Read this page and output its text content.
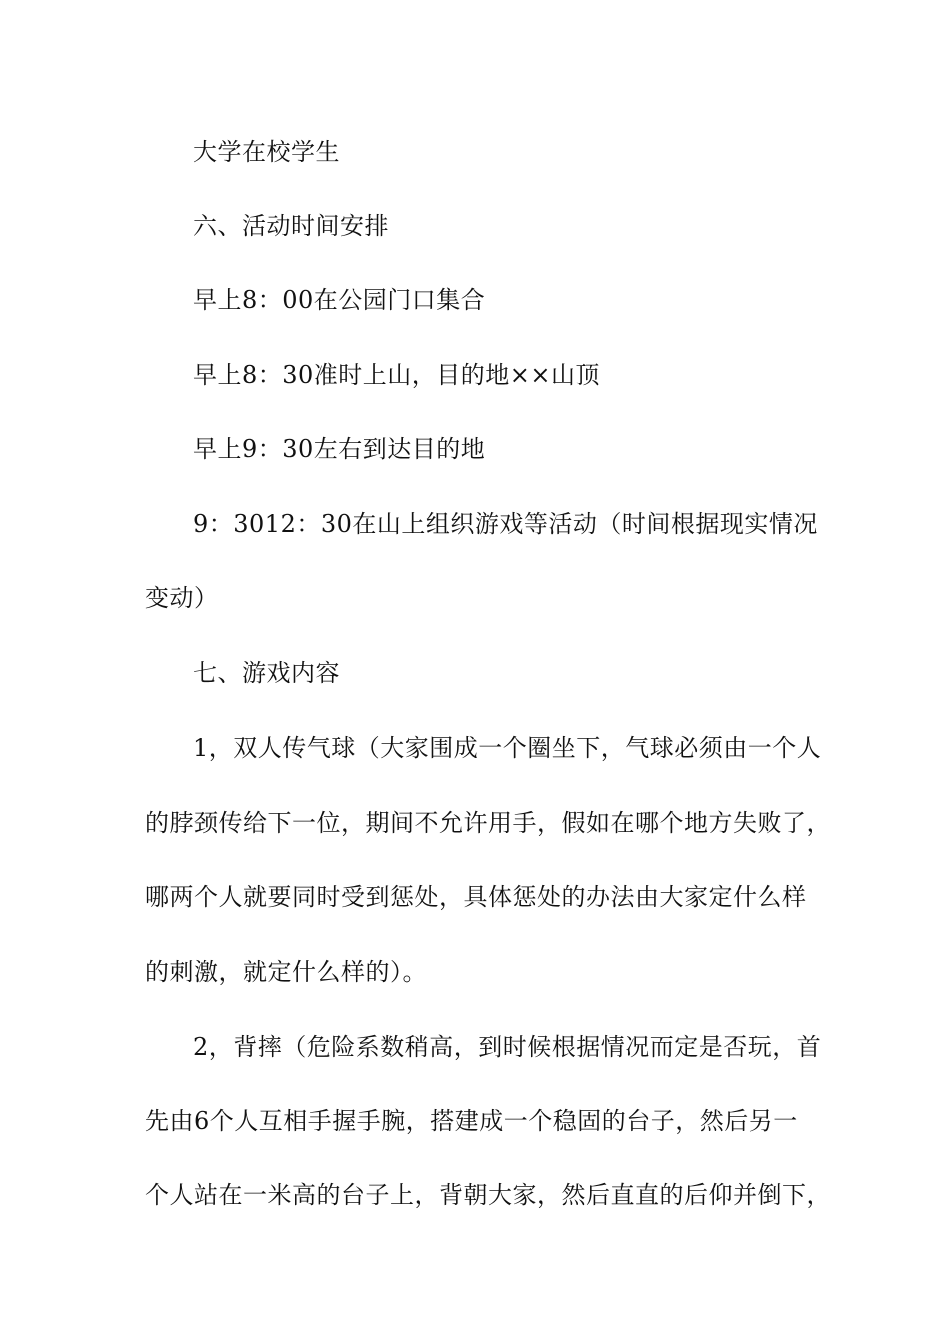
大学在校学生
六、活动时间安排
早上8：00在公园门口集合
早上8：30准时上山，目的地××山顶
早上9：30左右到达目的地
9：3012：30在山上组织游戏等活动（时间根据现实情况
变动）
七、游戏内容
1，双人传气球（大家围成一个圈坐下，气球必须由一个人
的脖颈传给下一位，期间不允许用手，假如在哪个地方失败了，
哪两个人就要同时受到惩处，具体惩处的办法由大家定什么样
的刺激，就定什么样的）。
2，背摔（危险系数稍高，到时候根据情况而定是否玩，首
先由6个人互相手握手腕，搭建成一个稳固的台子，然后另一
个人站在一米高的台子上，背朝大家，然后直直的后仰并倒下，
